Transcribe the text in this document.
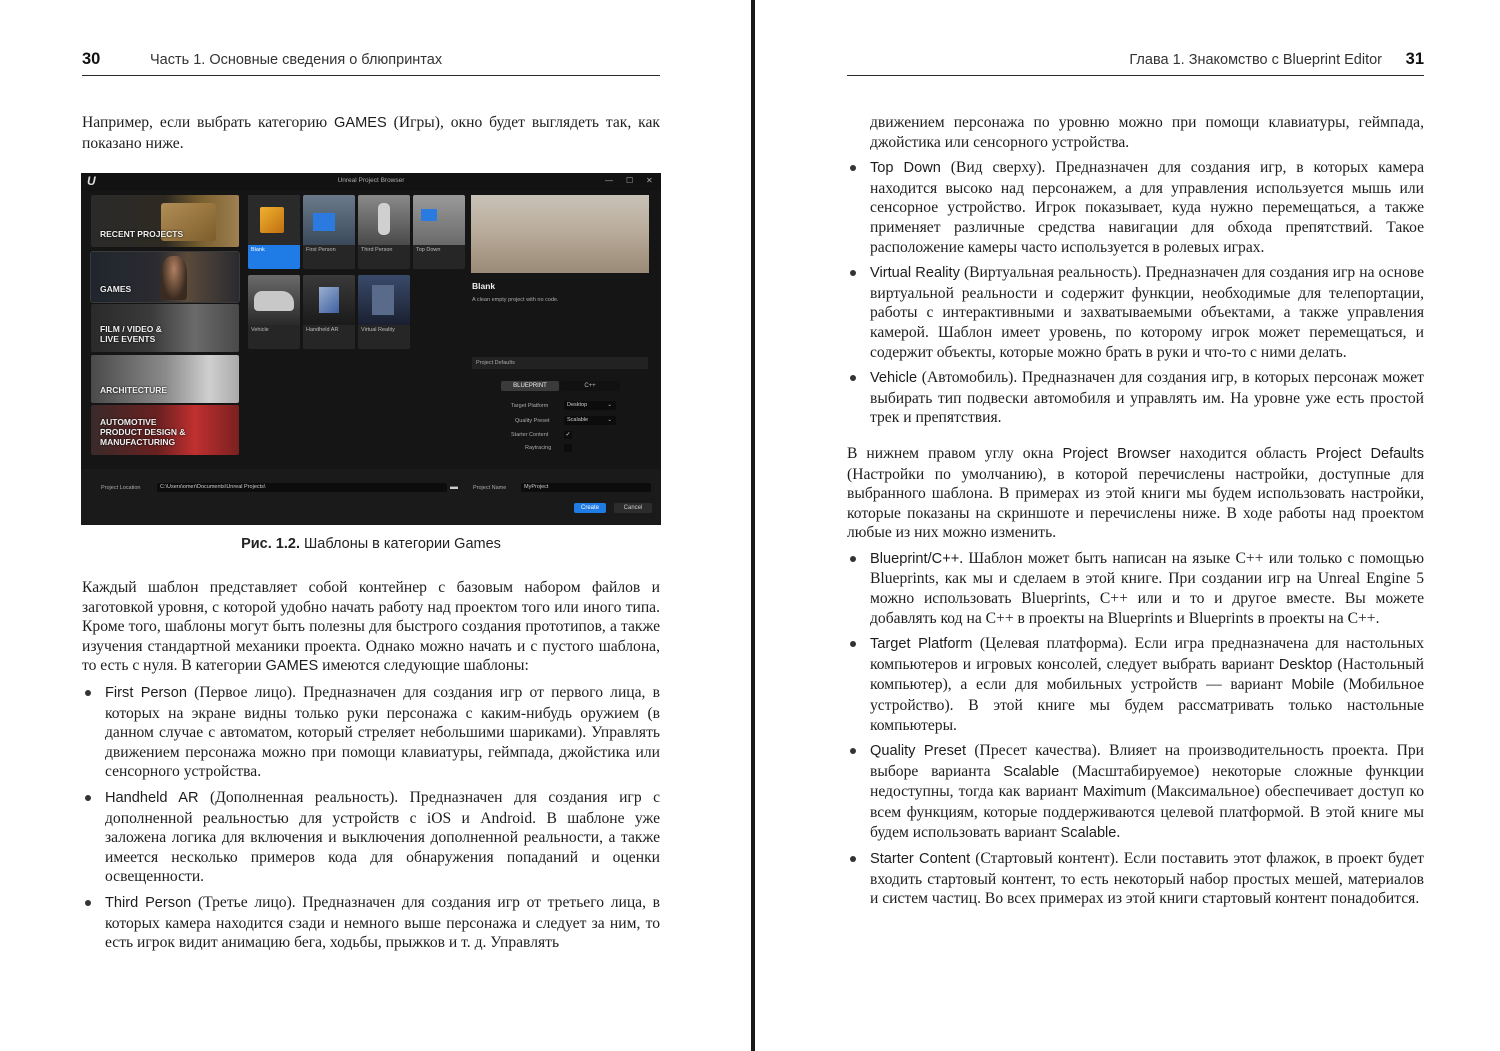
30	Часть 1. Основные сведения о блюпринтах

Например, если выбрать категорию GAMES (Игры), окно будет выглядеть так, как показано ниже.

U	Unreal Project Browser	— ☐ ✕
RECENT PROJECTS
GAMES
FILM / VIDEO &
LIVE EVENTS
ARCHITECTURE
AUTOMOTIVE
PRODUCT DESIGN &
MANUFACTURING
Blank	First Person	Third Person	Top Down
Vehicle	Handheld AR	Virtual Reality
Blank
A clean empty project with no code.
Project Defaults
BLUEPRINT	C++
Target Platform	Desktop	⌄
Quality Preset	Scalable	⌄
Starter Content	✓
Raytracing
Project Location	C:\Users\omer\Documents\Unreal Projects\	▬	Project Name	MyProject
Create	Cancel
Рис. 1.2. Шаблоны в категории Games

Каждый шаблон представляет собой контейнер с базовым набором файлов и заготовкой уровня, с которой удобно начать работу над проектом того или иного типа. Кроме того, шаблоны могут быть полезны для быстрого создания прототипов, а также изучения стандартной механики проекта. Однако можно начать и с пустого шаблона, то есть с нуля. В категории GAMES имеются следующие шаблоны:

First Person (Первое лицо). Предназначен для создания игр от первого лица, в которых на экране видны только руки персонажа с каким-нибудь оружием (в данном случае с автоматом, который стреляет небольшими шариками). Управлять движением персонажа можно при помощи клавиатуры, геймпада, джойстика или сенсорного устройства.
Handheld AR (Дополненная реальность). Предназначен для создания игр с дополненной реальностью для устройств с iOS и Android. В шаблоне уже заложена логика для включения и выключения дополненной реальности, а также имеется несколько примеров кода для обнаружения попаданий и оценки освещенности.
Third Person (Третье лицо). Предназначен для создания игр от третьего лица, в которых камера находится сзади и немного выше персонажа и следует за ним, то есть игрок видит анимацию бега, ходьбы, прыжков и т. д. Управлять
Глава 1. Знакомство с Blueprint Editor 31

движением персонажа по уровню можно при помощи клавиатуры, геймпада, джойстика или сенсорного устройства.

Top Down (Вид сверху). Предназначен для создания игр, в которых камера находится высоко над персонажем, а для управления используется мышь или сенсорное устройство. Игрок показывает, куда нужно перемещаться, а также применяет различные средства навигации для обхода препятствий. Такое расположение камеры часто используется в ролевых играх.
Virtual Reality (Виртуальная реальность). Предназначен для создания игр на основе виртуальной реальности и содержит функции, необходимые для телепортации, работы с интерактивными и захватываемыми объектами, а также управления камерой. Шаблон имеет уровень, по которому игрок может перемещаться, и содержит объекты, которые можно брать в руки и что-то с ними делать.
Vehicle (Автомобиль). Предназначен для создания игр, в которых персонаж может выбирать тип подвески автомобиля и управлять им. На уровне уже есть простой трек и препятствия.

В нижнем правом углу окна Project Browser находится область Project Defaults (Настройки по умолчанию), в которой перечислены настройки, доступные для выбранного шаблона. В примерах из этой книги мы будем использовать настройки, которые показаны на скриншоте и перечислены ниже. В ходе работы над проектом любые из них можно изменить.

Blueprint/C++. Шаблон может быть написан на языке C++ или только с помощью Blueprints, как мы и сделаем в этой книге. При создании игр на Unreal Engine 5 можно использовать Blueprints, C++ или и то и другое вместе. Вы можете добавлять код на C++ в проекты на Blueprints и Blueprints в проекты на C++.
Target Platform (Целевая платформа). Если игра предназначена для настольных компьютеров и игровых консолей, следует выбрать вариант Desktop (Настольный компьютер), а если для мобильных устройств — вариант Mobile (Мобильное устройство). В этой книге мы будем рассматривать только настольные компьютеры.
Quality Preset (Пресет качества). Влияет на производительность проекта. При выборе варианта Scalable (Масштабируемое) некоторые сложные функции недоступны, тогда как вариант Maximum (Максимальное) обеспечивает доступ ко всем функциям, которые поддерживаются целевой платформой. В этой книге мы будем использовать вариант Scalable.
Starter Content (Стартовый контент). Если поставить этот флажок, в проект будет входить стартовый контент, то есть некоторый набор простых мешей, материалов и систем частиц. Во всех примерах из этой книги стартовый контент понадобится.
